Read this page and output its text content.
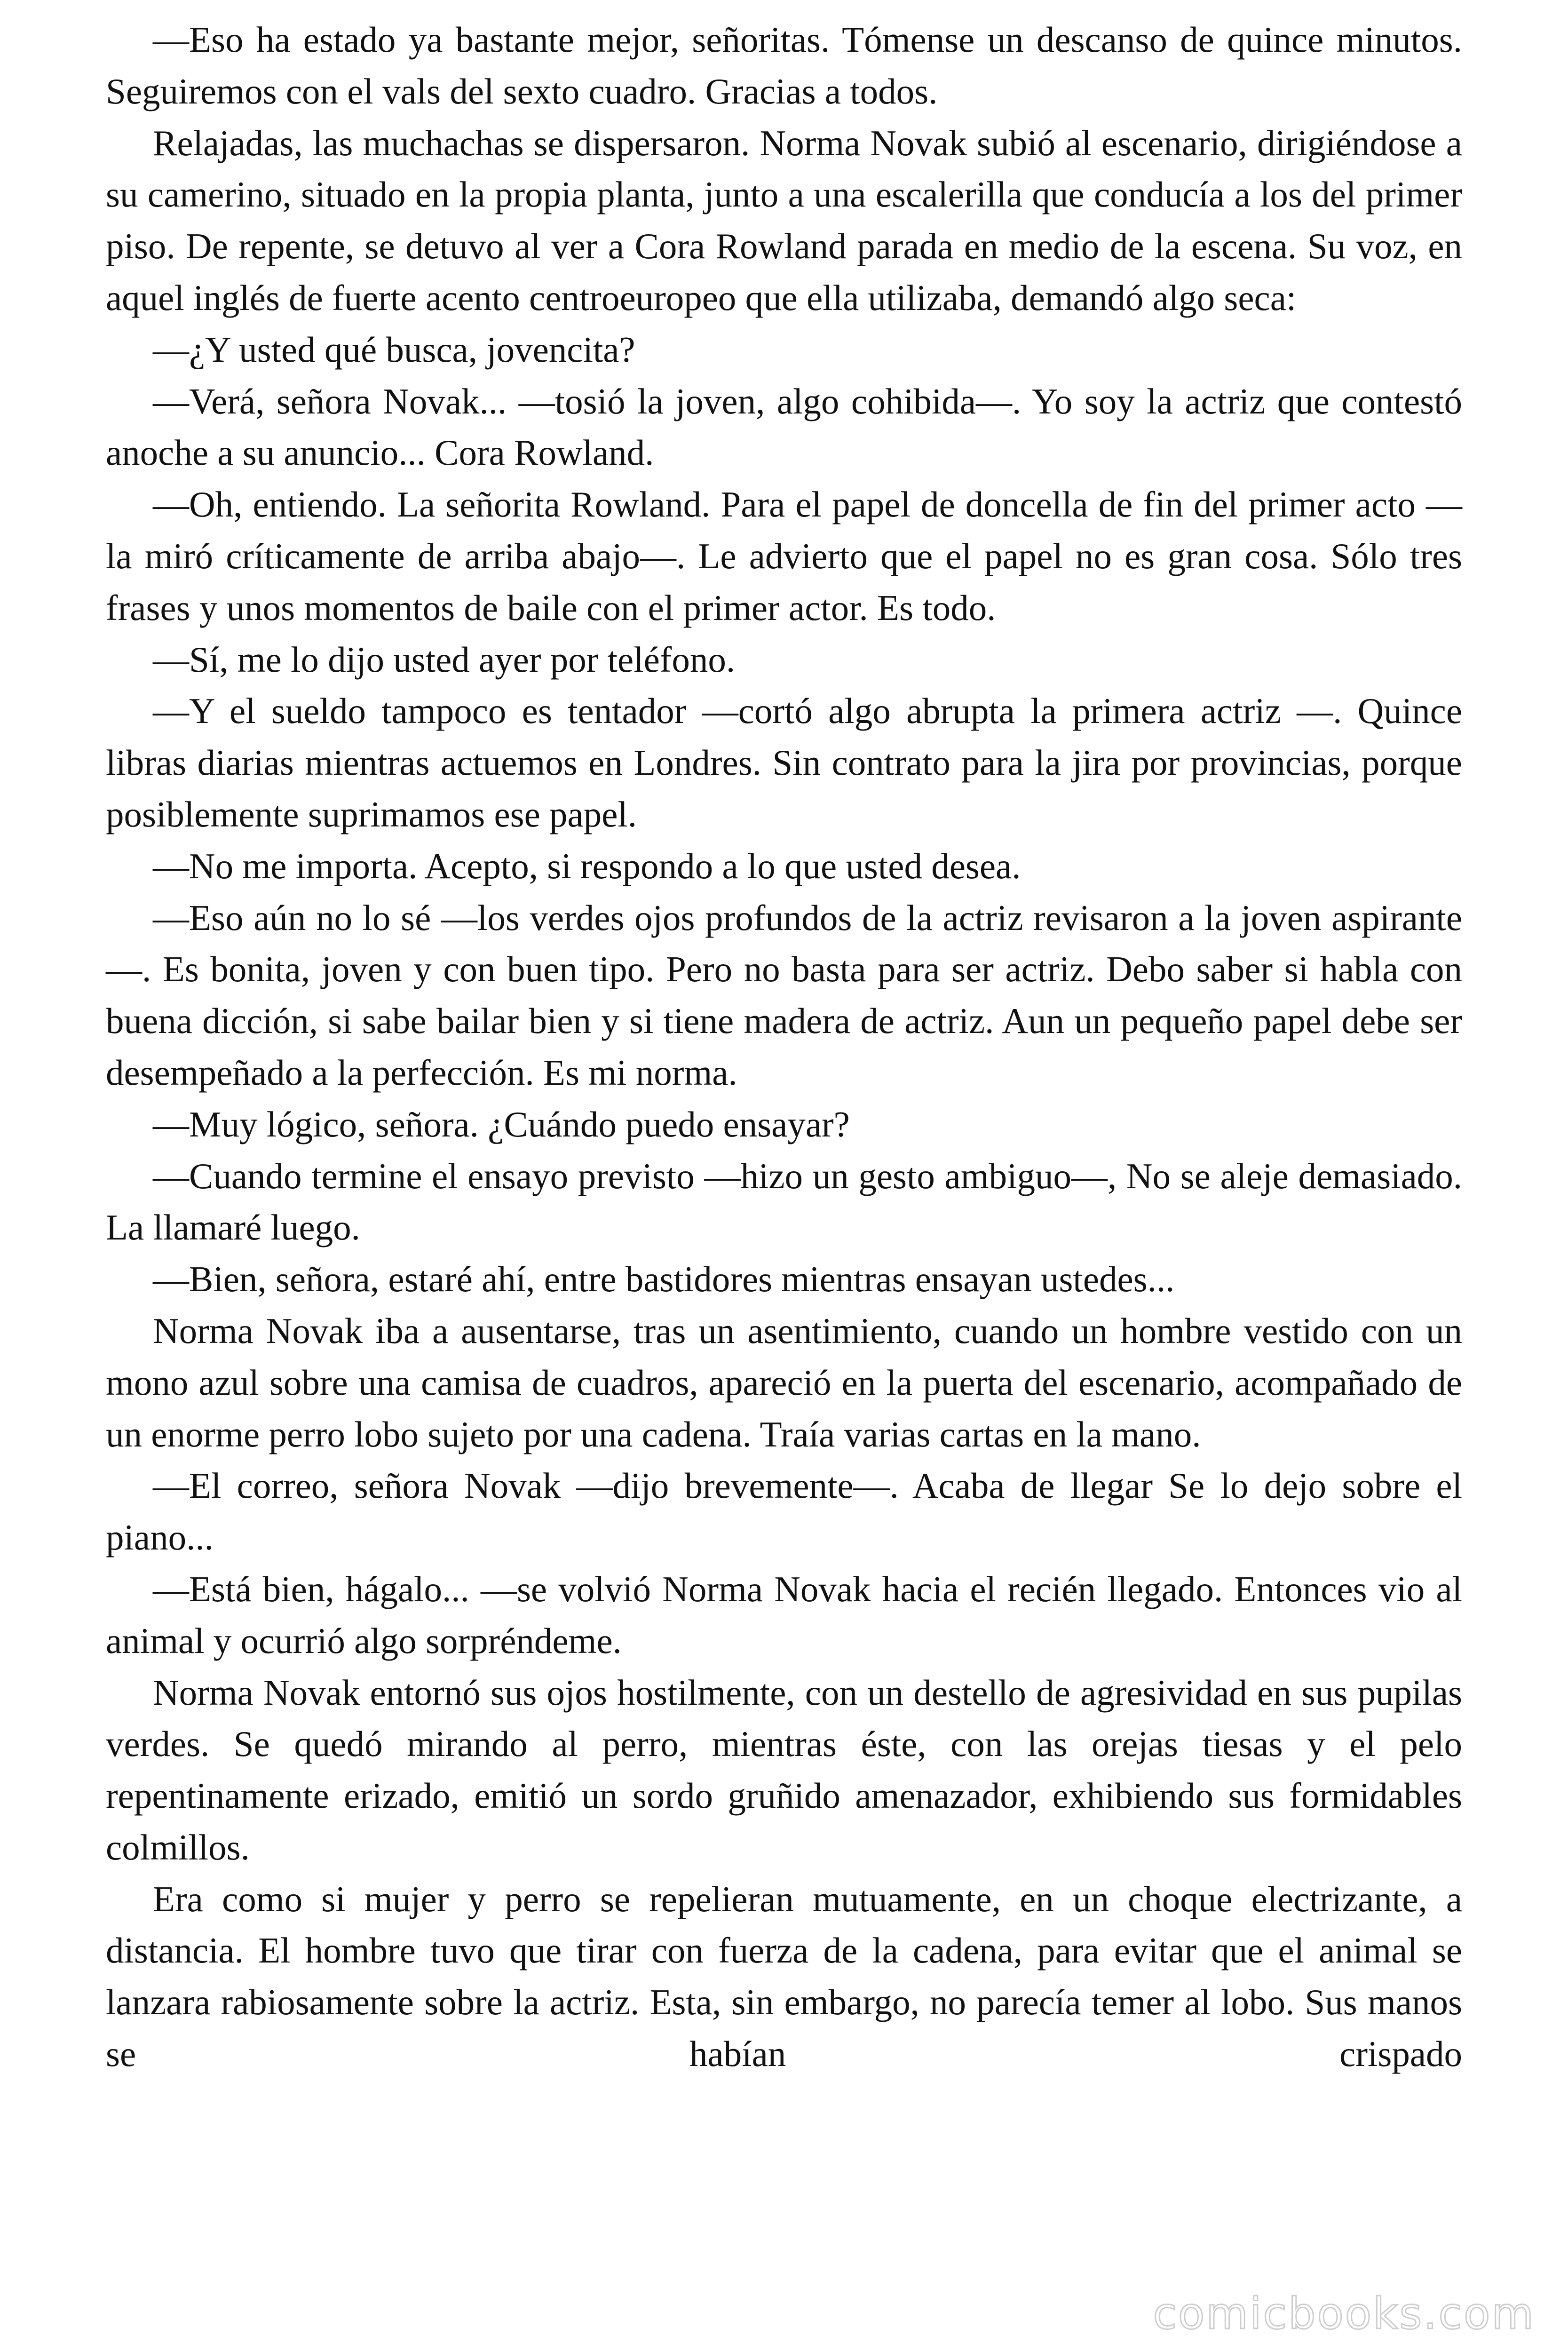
—Eso ha estado ya bastante mejor, señoritas. Tómense un descanso de quince minutos. Seguiremos con el vals del sexto cuadro. Gracias a todos.

Relajadas, las muchachas se dispersaron. Norma Novak subió al escenario, dirigiéndose a su camerino, situado en la propia planta, junto a una escalerilla que conducía a los del primer piso. De repente, se detuvo al ver a Cora Rowland parada en medio de la escena. Su voz, en aquel inglés de fuerte acento centroeuropeo que ella utilizaba, demandó algo seca:

—¿Y usted qué busca, jovencita?

—Verá, señora Novak... —tosió la joven, algo cohibida—. Yo soy la actriz que contestó anoche a su anuncio... Cora Rowland.

—Oh, entiendo. La señorita Rowland. Para el papel de doncella de fin del primer acto —la miró críticamente de arriba abajo—. Le advierto que el papel no es gran cosa. Sólo tres frases y unos momentos de baile con el primer actor. Es todo.

—Sí, me lo dijo usted ayer por teléfono.

—Y el sueldo tampoco es tentador —cortó algo abrupta la primera actriz —. Quince libras diarias mientras actuemos en Londres. Sin contrato para la jira por provincias, porque posiblemente suprimamos ese papel.

—No me importa. Acepto, si respondo a lo que usted desea.

—Eso aún no lo sé —los verdes ojos profundos de la actriz revisaron a la joven aspirante—. Es bonita, joven y con buen tipo. Pero no basta para ser actriz. Debo saber si habla con buena dicción, si sabe bailar bien y si tiene madera de actriz. Aun un pequeño papel debe ser desempeñado a la perfección. Es mi norma.

—Muy lógico, señora. ¿Cuándo puedo ensayar?

—Cuando termine el ensayo previsto —hizo un gesto ambiguo—, No se aleje demasiado. La llamaré luego.

—Bien, señora, estaré ahí, entre bastidores mientras ensayan ustedes...

Norma Novak iba a ausentarse, tras un asentimiento, cuando un hombre vestido con un mono azul sobre una camisa de cuadros, apareció en la puerta del escenario, acompañado de un enorme perro lobo sujeto por una cadena. Traía varias cartas en la mano.

—El correo, señora Novak —dijo brevemente—. Acaba de llegar Se lo dejo sobre el piano...

—Está bien, hágalo... —se volvió Norma Novak hacia el recién llegado. Entonces vio al animal y ocurrió algo sorpréndeme.

Norma Novak entornó sus ojos hostilmente, con un destello de agresividad en sus pupilas verdes. Se quedó mirando al perro, mientras éste, con las orejas tiesas y el pelo repentinamente erizado, emitió un sordo gruñido amenazador, exhibiendo sus formidables colmillos.

Era como si mujer y perro se repelieran mutuamente, en un choque electrizante, a distancia. El hombre tuvo que tirar con fuerza de la cadena, para evitar que el animal se lanzara rabiosamente sobre la actriz. Esta, sin embargo, no parecía temer al lobo. Sus manos se habían crispado

comicbooks.com
